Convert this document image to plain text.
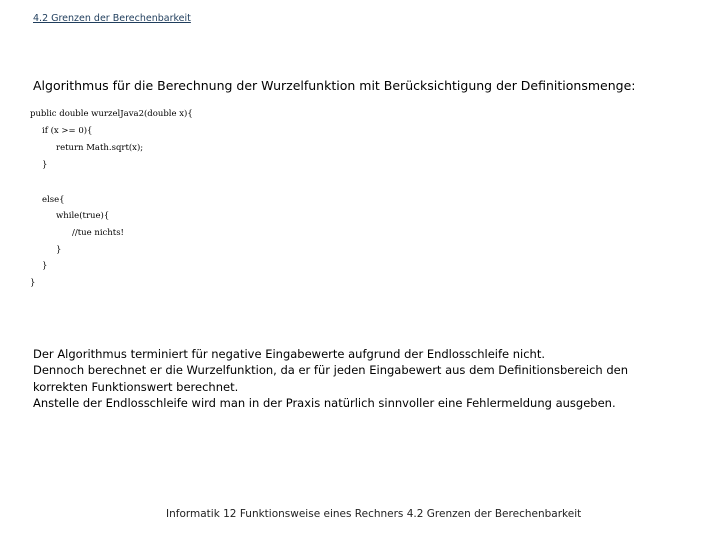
4.2 Grenzen der Berechenbarkeit
Algorithmus für die Berechnung der Wurzelfunktion mit Berücksichtigung der Definitionsmenge:
public double wurzelJava2(double x){
if (x >= 0){
return Math.sqrt(x);
}
else{
while(true){
//tue nichts!
}
}
}
Der Algorithmus terminiert für negative Eingabewerte aufgrund der Endlosschleife nicht.
Dennoch berechnet er die Wurzelfunktion, da er für jeden Eingabewert aus dem Definitionsbereich den
korrekten Funktionswert berechnet.
Anstelle der Endlosschleife wird man in der Praxis natürlich sinnvoller eine Fehlermeldung ausgeben.
Informatik 12 Funktionsweise eines Rechners 4.2 Grenzen der Berechenbarkeit
